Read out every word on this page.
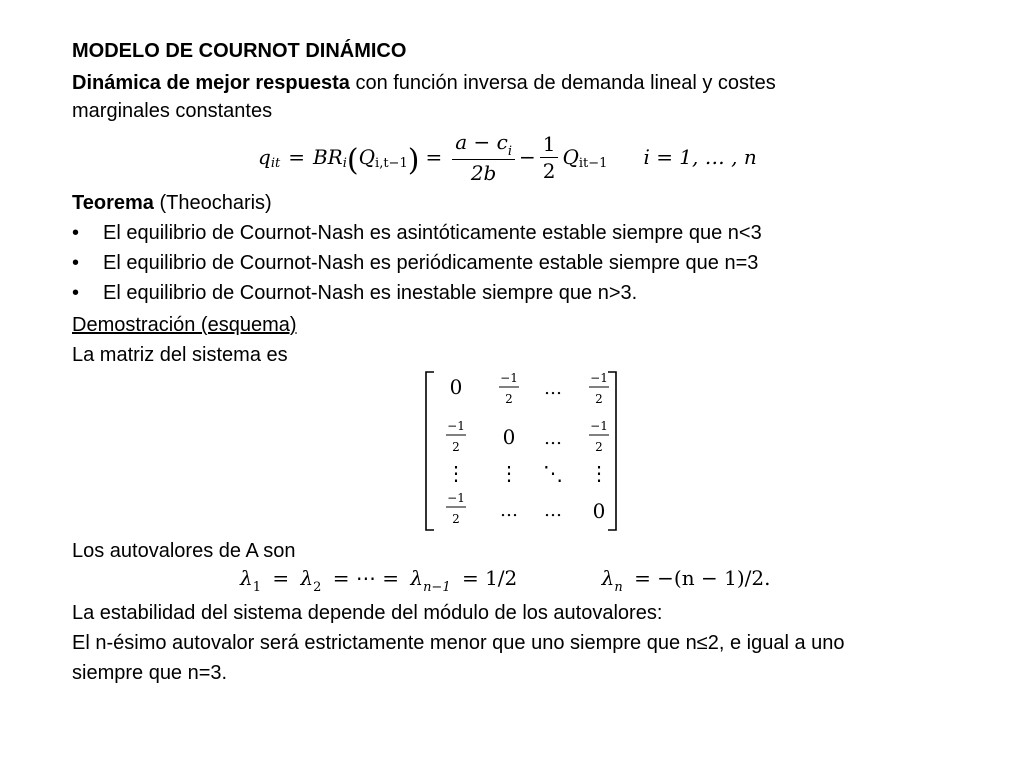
MODELO DE COURNOT DINÁMICO
Dinámica de mejor respuesta con función inversa de demanda lineal y costes
marginales constantes
q it = BR i ( Q i,t−1 ) = $\frac{a - c_i}{2b} - \frac{1}{2}$ Q it−1 i = 1, … , n
Teorema (Theocharis)
• El equilibrio de Cournot-Nash es asintóticamente estable siempre que n<3
• El equilibrio de Cournot-Nash es periódicamente estable siempre que n=3
• El equilibrio de Cournot-Nash es inestable siempre que n>3.
Demostración (esquema)
La matriz del sistema es
0	−1
2 … −1
2
−1
2 0 …
−1
2
⋮ ⋮ ⋱ ⋮
−1
2 … … 0
Los autovalores de A son
$\lambda_1 = \lambda_2$ = ⋯ = $\lambda_{n-1} = 1/2$	$\lambda_n = -(n - 1)/2$.
La estabilidad del sistema depende del módulo de los autovalores:
El n-ésimo autovalor será estrictamente menor que uno siempre que n≤2, e igual a uno
siempre que n=3.
